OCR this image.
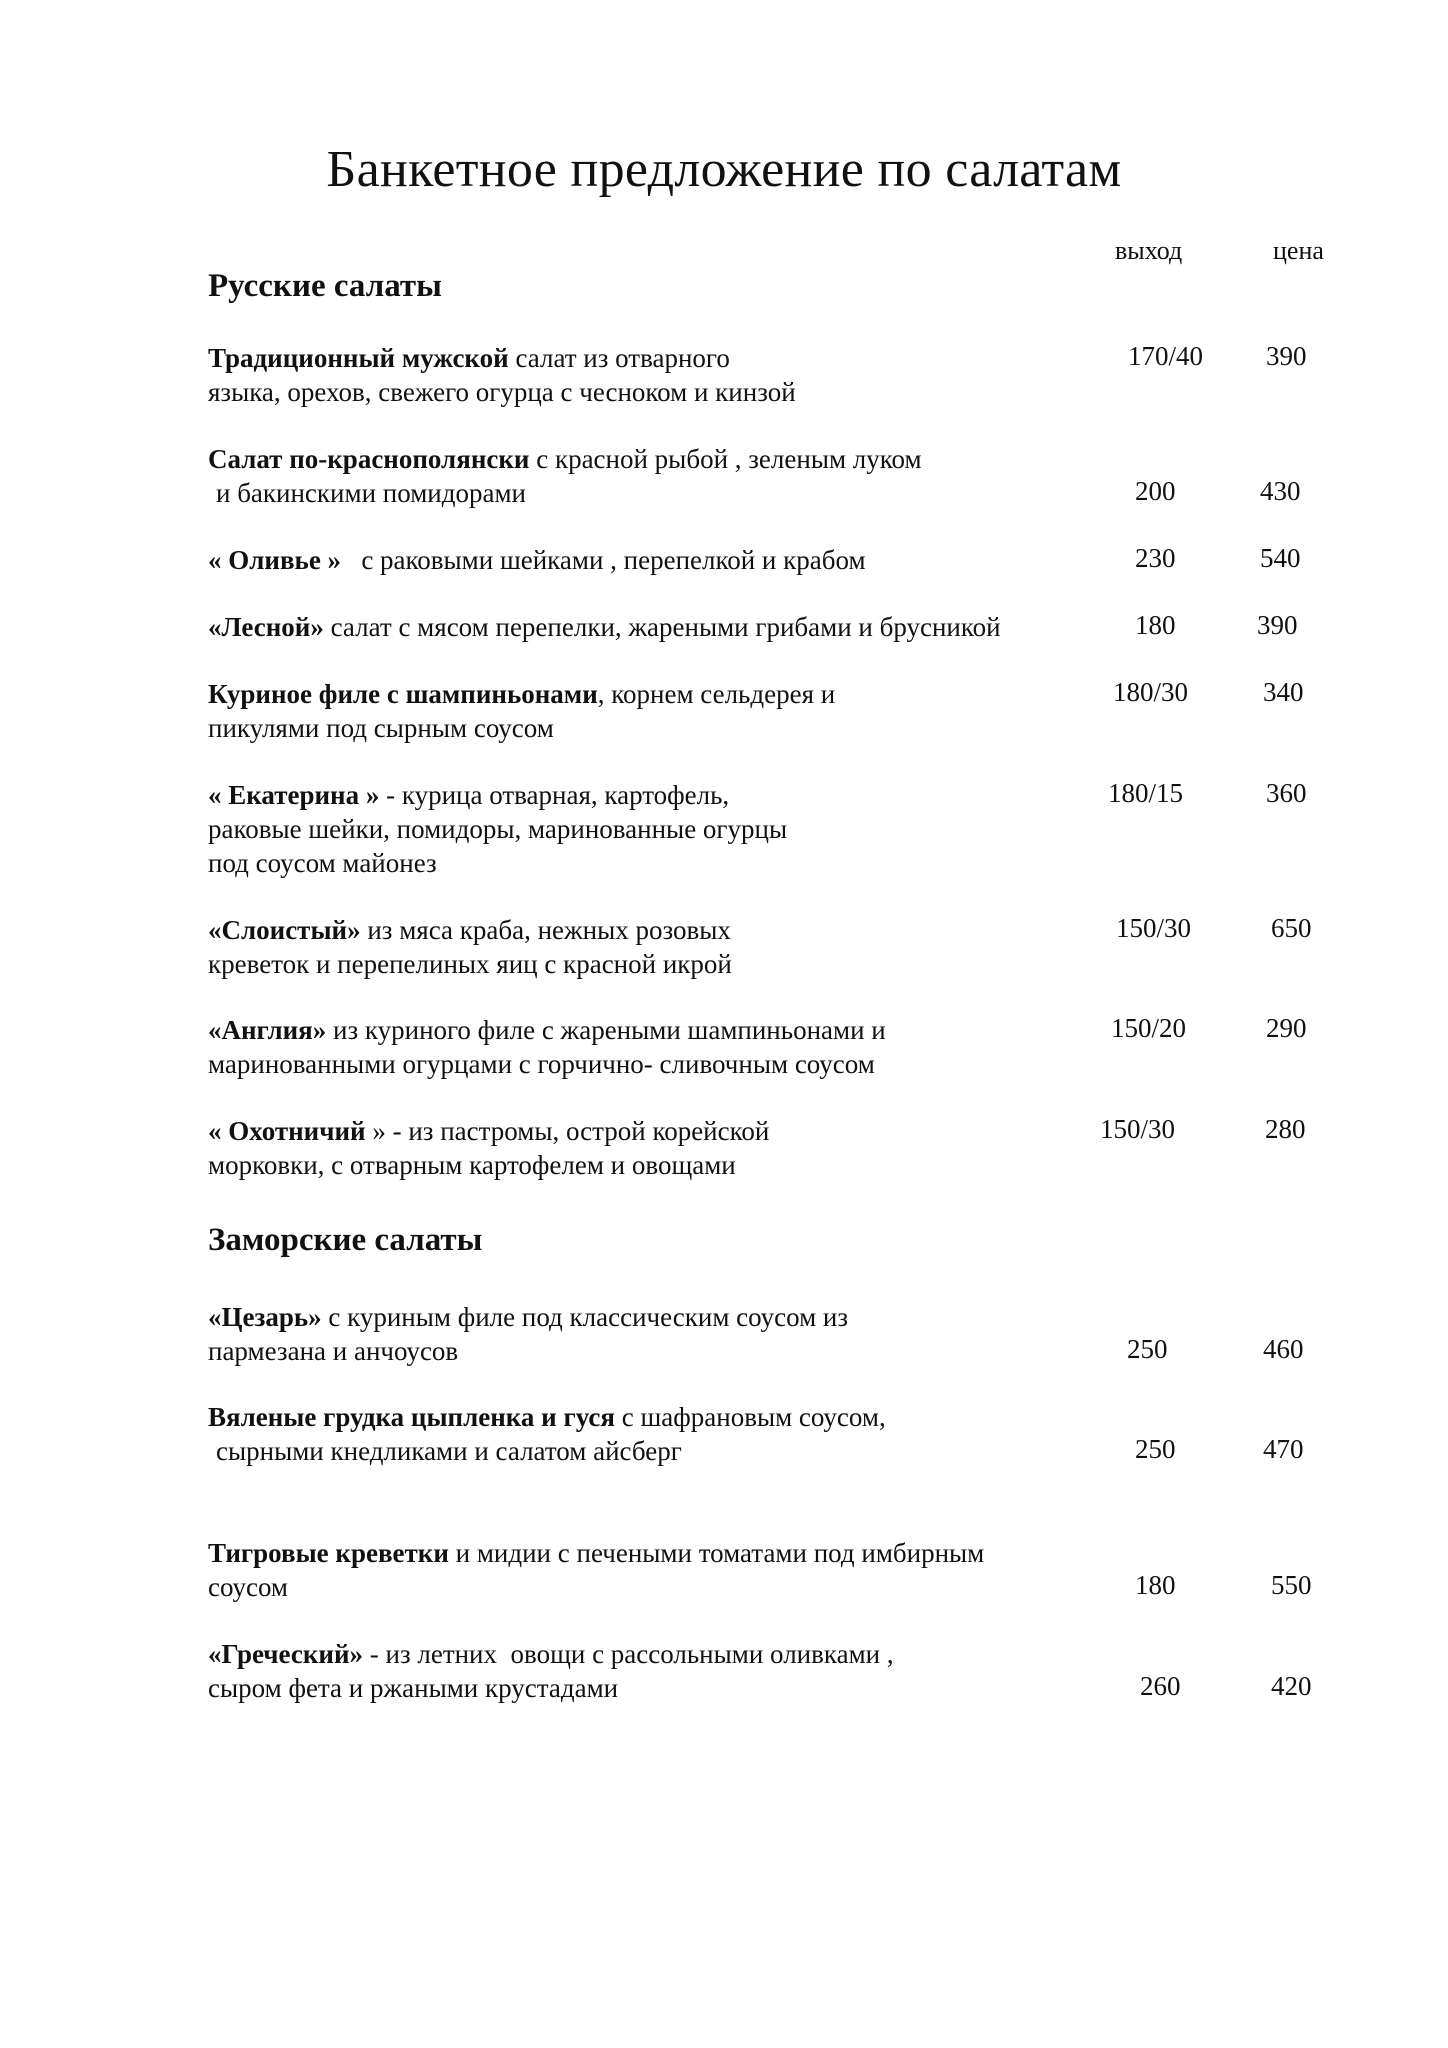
Банкетное предложение по салатам
выход	цена
Русские салаты
Традиционный мужской салат из отварного
языка, орехов, свежего огурца с чесноком и кинзой
170/40 390
Салат по-краснополянски с красной рыбой , зеленым луком
и бакинскими помидорами	200	430
« Оливье »   с раковыми шейками , перепелкой и крабом	230	540
«Лесной» салат с мясом перепелки, жареными грибами и брусникой	180	390
Куриное филе с шампиньонами, корнем сельдерея и
пикулями под сырным соусом
180/30	340
« Екатерина » - курица отварная, картофель,
раковые шейки, помидоры, маринованные огурцы
под соусом майонез
180/15	360
«Слоистый» из мяса краба, нежных розовых
креветок и перепелиных яиц с красной икрой
150/30	650
«Англия» из куриного филе с жареными шампиньонами и
маринованными огурцами с горчично- сливочным соусом
150/20	290
« Охотничий » - из пастромы, острой корейской
морковки, с отварным картофелем и овощами
150/30	280
Заморские салаты
«Цезарь» с куриным филе под классическим соусом из
пармезана и анчоусов	250	460
Вяленые грудка цыпленка и гуся с шафрановым соусом,
сырными кнедликами и салатом айсберг	250	470
Тигровые креветки и мидии с печеными томатами под имбирным
соусом	180	550
«Греческий» - из летних  овощи с рассольными оливками ,
сыром фета и ржаными крустадами	260	420
